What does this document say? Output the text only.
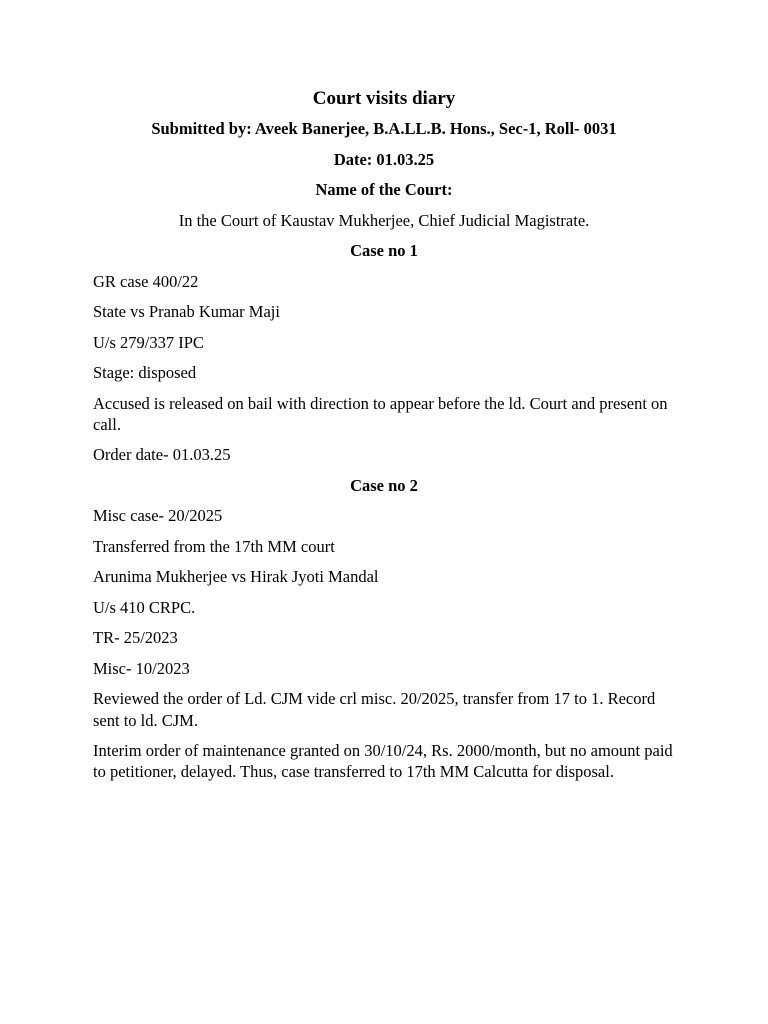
Court visits diary
Submitted by: Aveek Banerjee, B.A.LL.B. Hons., Sec-1, Roll- 0031
Date: 01.03.25
Name of the Court:
In the Court of Kaustav Mukherjee, Chief Judicial Magistrate.
Case no 1
GR case 400/22
State vs Pranab Kumar Maji
U/s 279/337 IPC
Stage: disposed
Accused is released on bail with direction to appear before the ld. Court and present on call.
Order date- 01.03.25
Case no 2
Misc case- 20/2025
Transferred from the 17th MM court
Arunima Mukherjee vs Hirak Jyoti Mandal
U/s 410 CRPC.
TR- 25/2023
Misc- 10/2023
Reviewed the order of Ld. CJM vide crl misc. 20/2025, transfer from 17 to 1. Record sent to ld. CJM.
Interim order of maintenance granted on 30/10/24, Rs. 2000/month, but no amount paid to petitioner, delayed. Thus, case transferred to 17th MM Calcutta for disposal.
